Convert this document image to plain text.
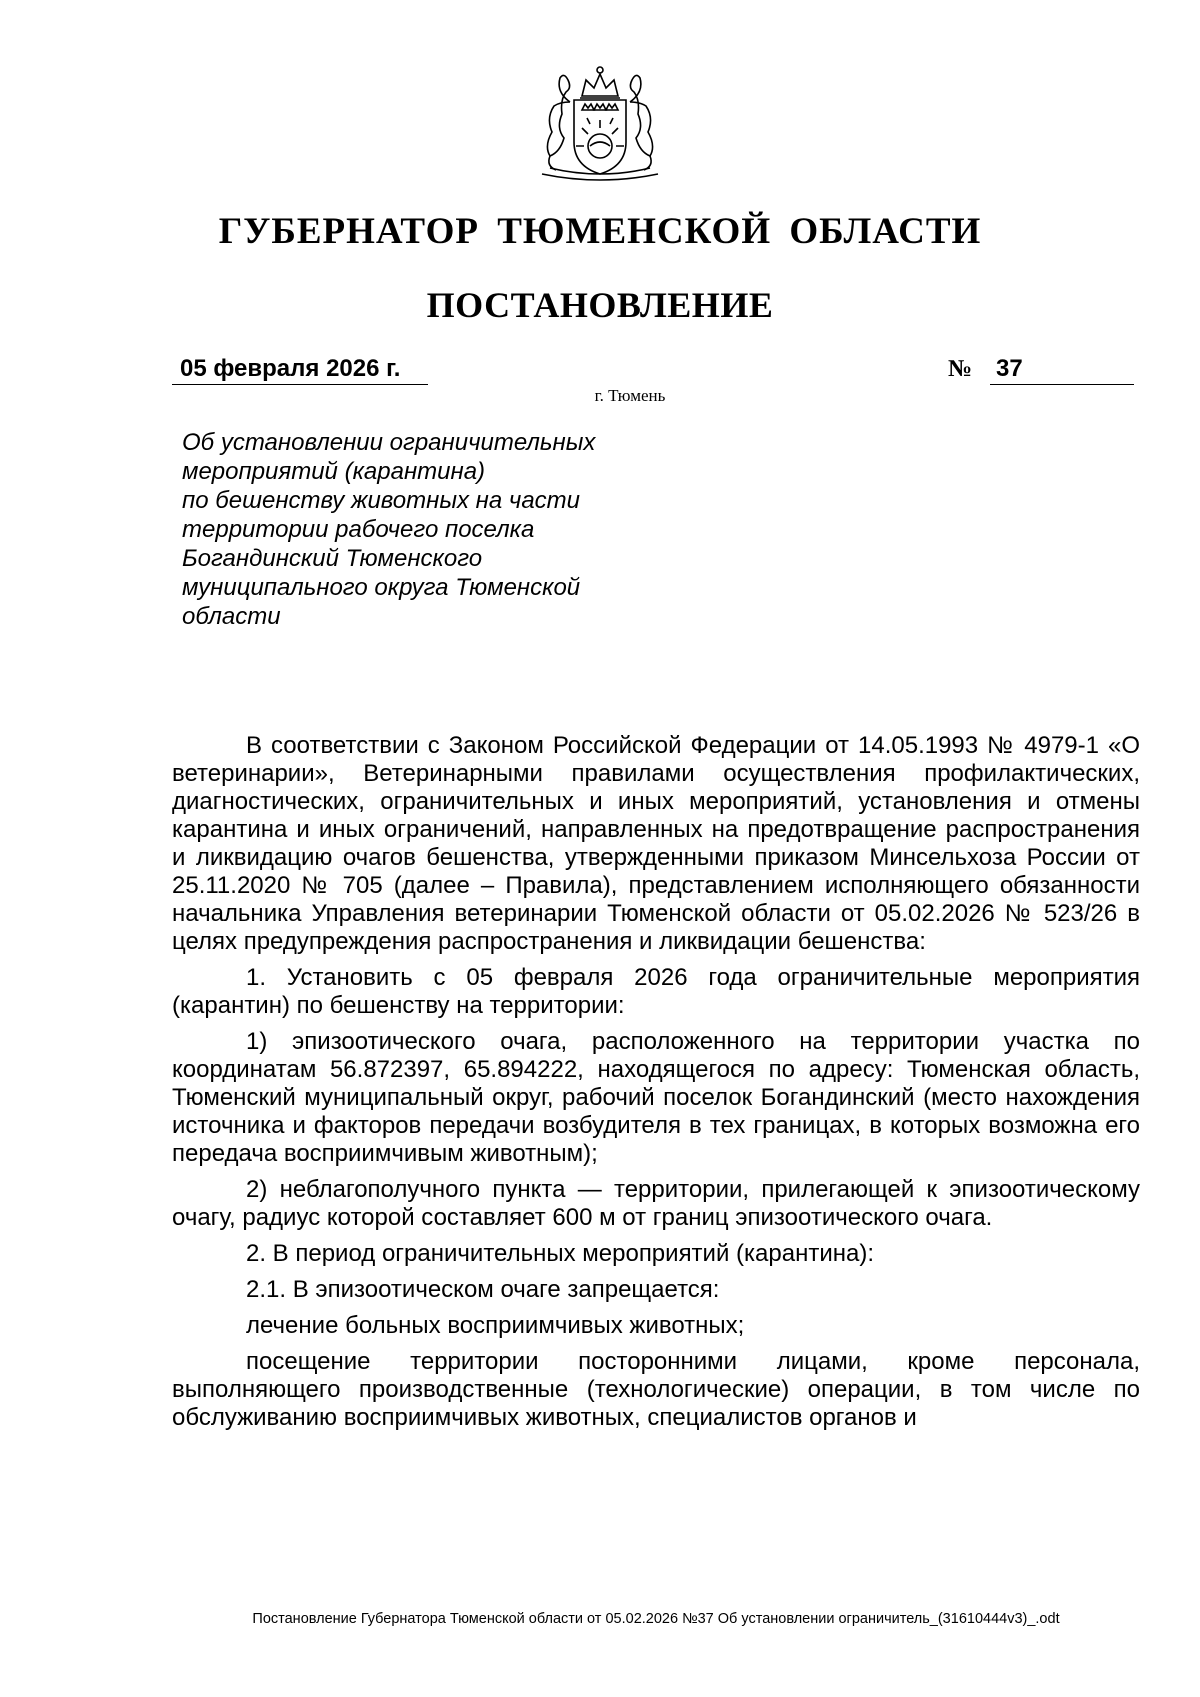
ГУБЕРНАТОР ТЮМЕНСКОЙ ОБЛАСТИ
ПОСТАНОВЛЕНИЕ
05 февраля 2026 г.	№ 37
г. Тюмень
Об установлении ограничительных
мероприятий (карантина)
по бешенству животных на части
территории рабочего поселка
Богандинский Тюменского
муниципального округа Тюменской
области

В соответствии с Законом Российской Федерации от 14.05.1993 № 4979-1 «О ветеринарии», Ветеринарными правилами осуществления профилактических, диагностических, ограничительных и иных мероприятий, установления и отмены карантина и иных ограничений, направленных на предотвращение распространения и ликвидацию очагов бешенства, утвержденными приказом Минсельхоза России от 25.11.2020 № 705 (далее – Правила), представлением исполняющего обязанности начальника Управления ветеринарии Тюменской области от 05.02.2026 № 523/26 в целях предупреждения распространения и ликвидации бешенства:

1. Установить с 05 февраля 2026 года ограничительные мероприятия (карантин) по бешенству на территории:

1) эпизоотического очага, расположенного на территории участка по координатам 56.872397, 65.894222, находящегося по адресу: Тюменская область, Тюменский муниципальный округ, рабочий поселок Богандинский (место нахождения источника и факторов передачи возбудителя в тех границах, в которых возможна его передача восприимчивым животным);

2) неблагополучного пункта — территории, прилегающей к эпизоотическому очагу, радиус которой составляет 600 м от границ эпизоотического очага.

2. В период ограничительных мероприятий (карантина):

2.1. В эпизоотическом очаге запрещается:

лечение больных восприимчивых животных;

посещение территории посторонними лицами, кроме персонала, выполняющего производственные (технологические) операции, в том числе по обслуживанию восприимчивых животных, специалистов органов и

Постановление Губернатора Тюменской области от 05.02.2026 №37 Об установлении ограничитель_(31610444v3)_.odt
